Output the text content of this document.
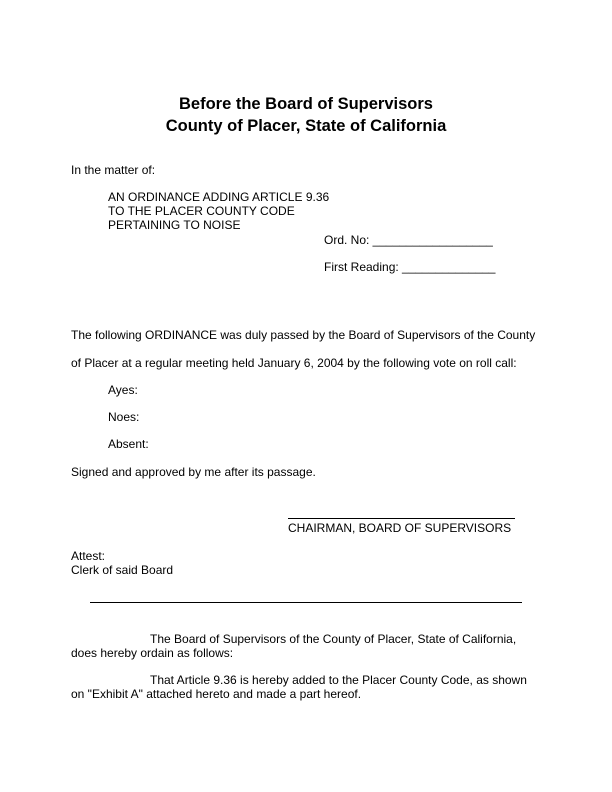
Before the Board of Supervisors
County of Placer, State of California
In the matter of:
AN ORDINANCE ADDING ARTICLE 9.36
TO THE PLACER COUNTY CODE
PERTAINING TO NOISE
Ord. No: __________________
First Reading: ______________
The following ORDINANCE was duly passed by the Board of Supervisors of the County
of Placer at a regular meeting held January 6, 2004 by the following vote on roll call:
Ayes:
Noes:
Absent:
Signed and approved by me after its passage.
CHAIRMAN, BOARD OF SUPERVISORS
Attest:
Clerk of said Board
The Board of Supervisors of the County of Placer, State of California,
does hereby ordain as follows:
That Article 9.36 is hereby added to the Placer County Code, as shown
on "Exhibit A" attached hereto and made a part hereof.
